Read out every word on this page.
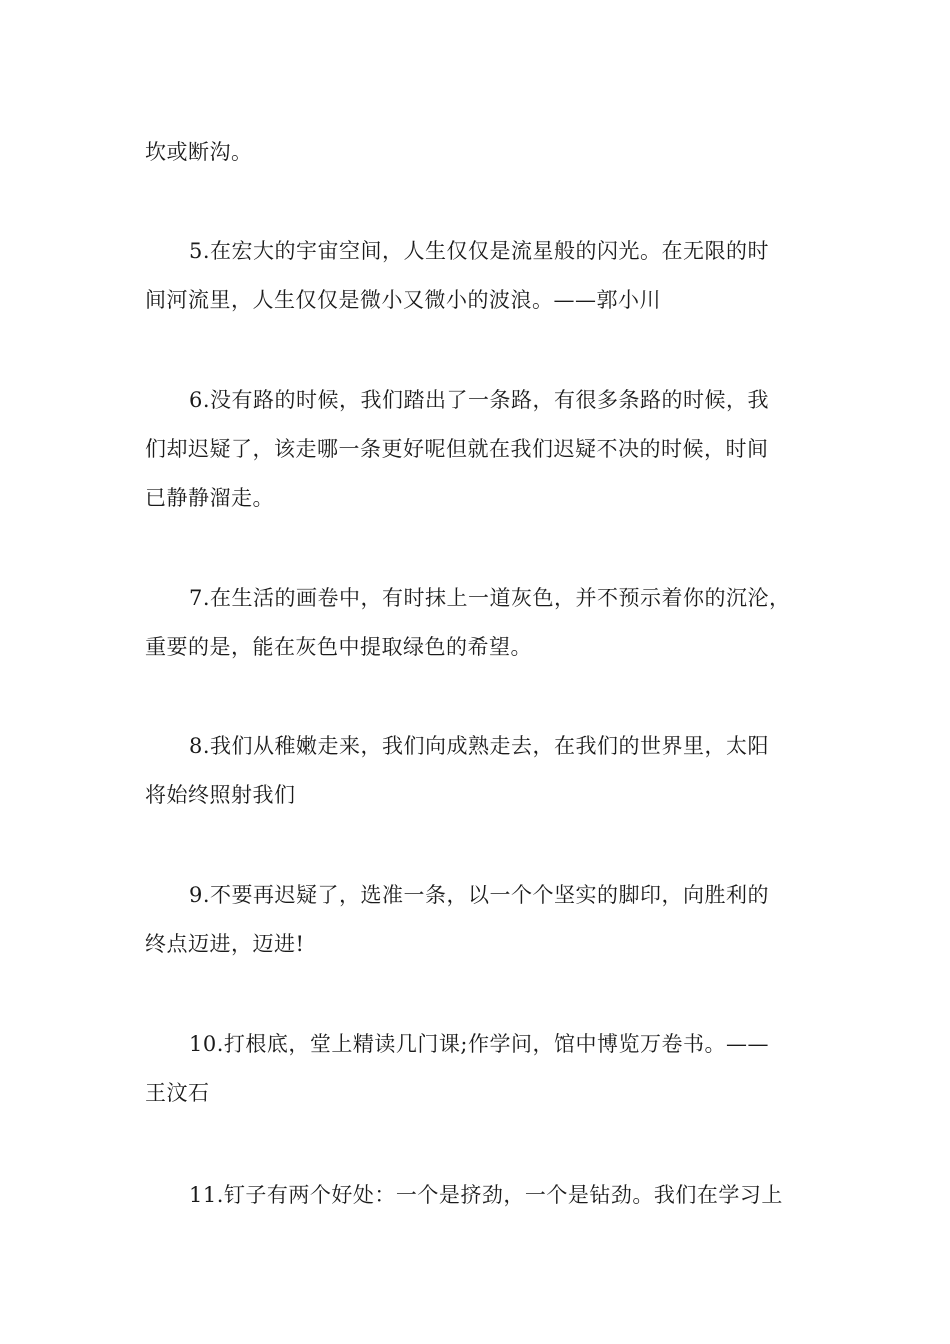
坎或断沟。
5.在宏大的宇宙空间，人生仅仅是流星般的闪光。在无限的时
间河流里，人生仅仅是微小又微小的波浪。——郭小川
6.没有路的时候，我们踏出了一条路，有很多条路的时候，我
们却迟疑了，该走哪一条更好呢但就在我们迟疑不决的时候，时间
已静静溜走。
7.在生活的画卷中，有时抹上一道灰色，并不预示着你的沉沦，
重要的是，能在灰色中提取绿色的希望。
8.我们从稚嫩走来，我们向成熟走去，在我们的世界里，太阳
将始终照射我们
9.不要再迟疑了，选准一条，以一个个坚实的脚印，向胜利的
终点迈进，迈进!
10.打根底，堂上精读几门课;作学问，馆中博览万卷书。——
王汶石
11.钉子有两个好处：一个是挤劲，一个是钻劲。我们在学习上
